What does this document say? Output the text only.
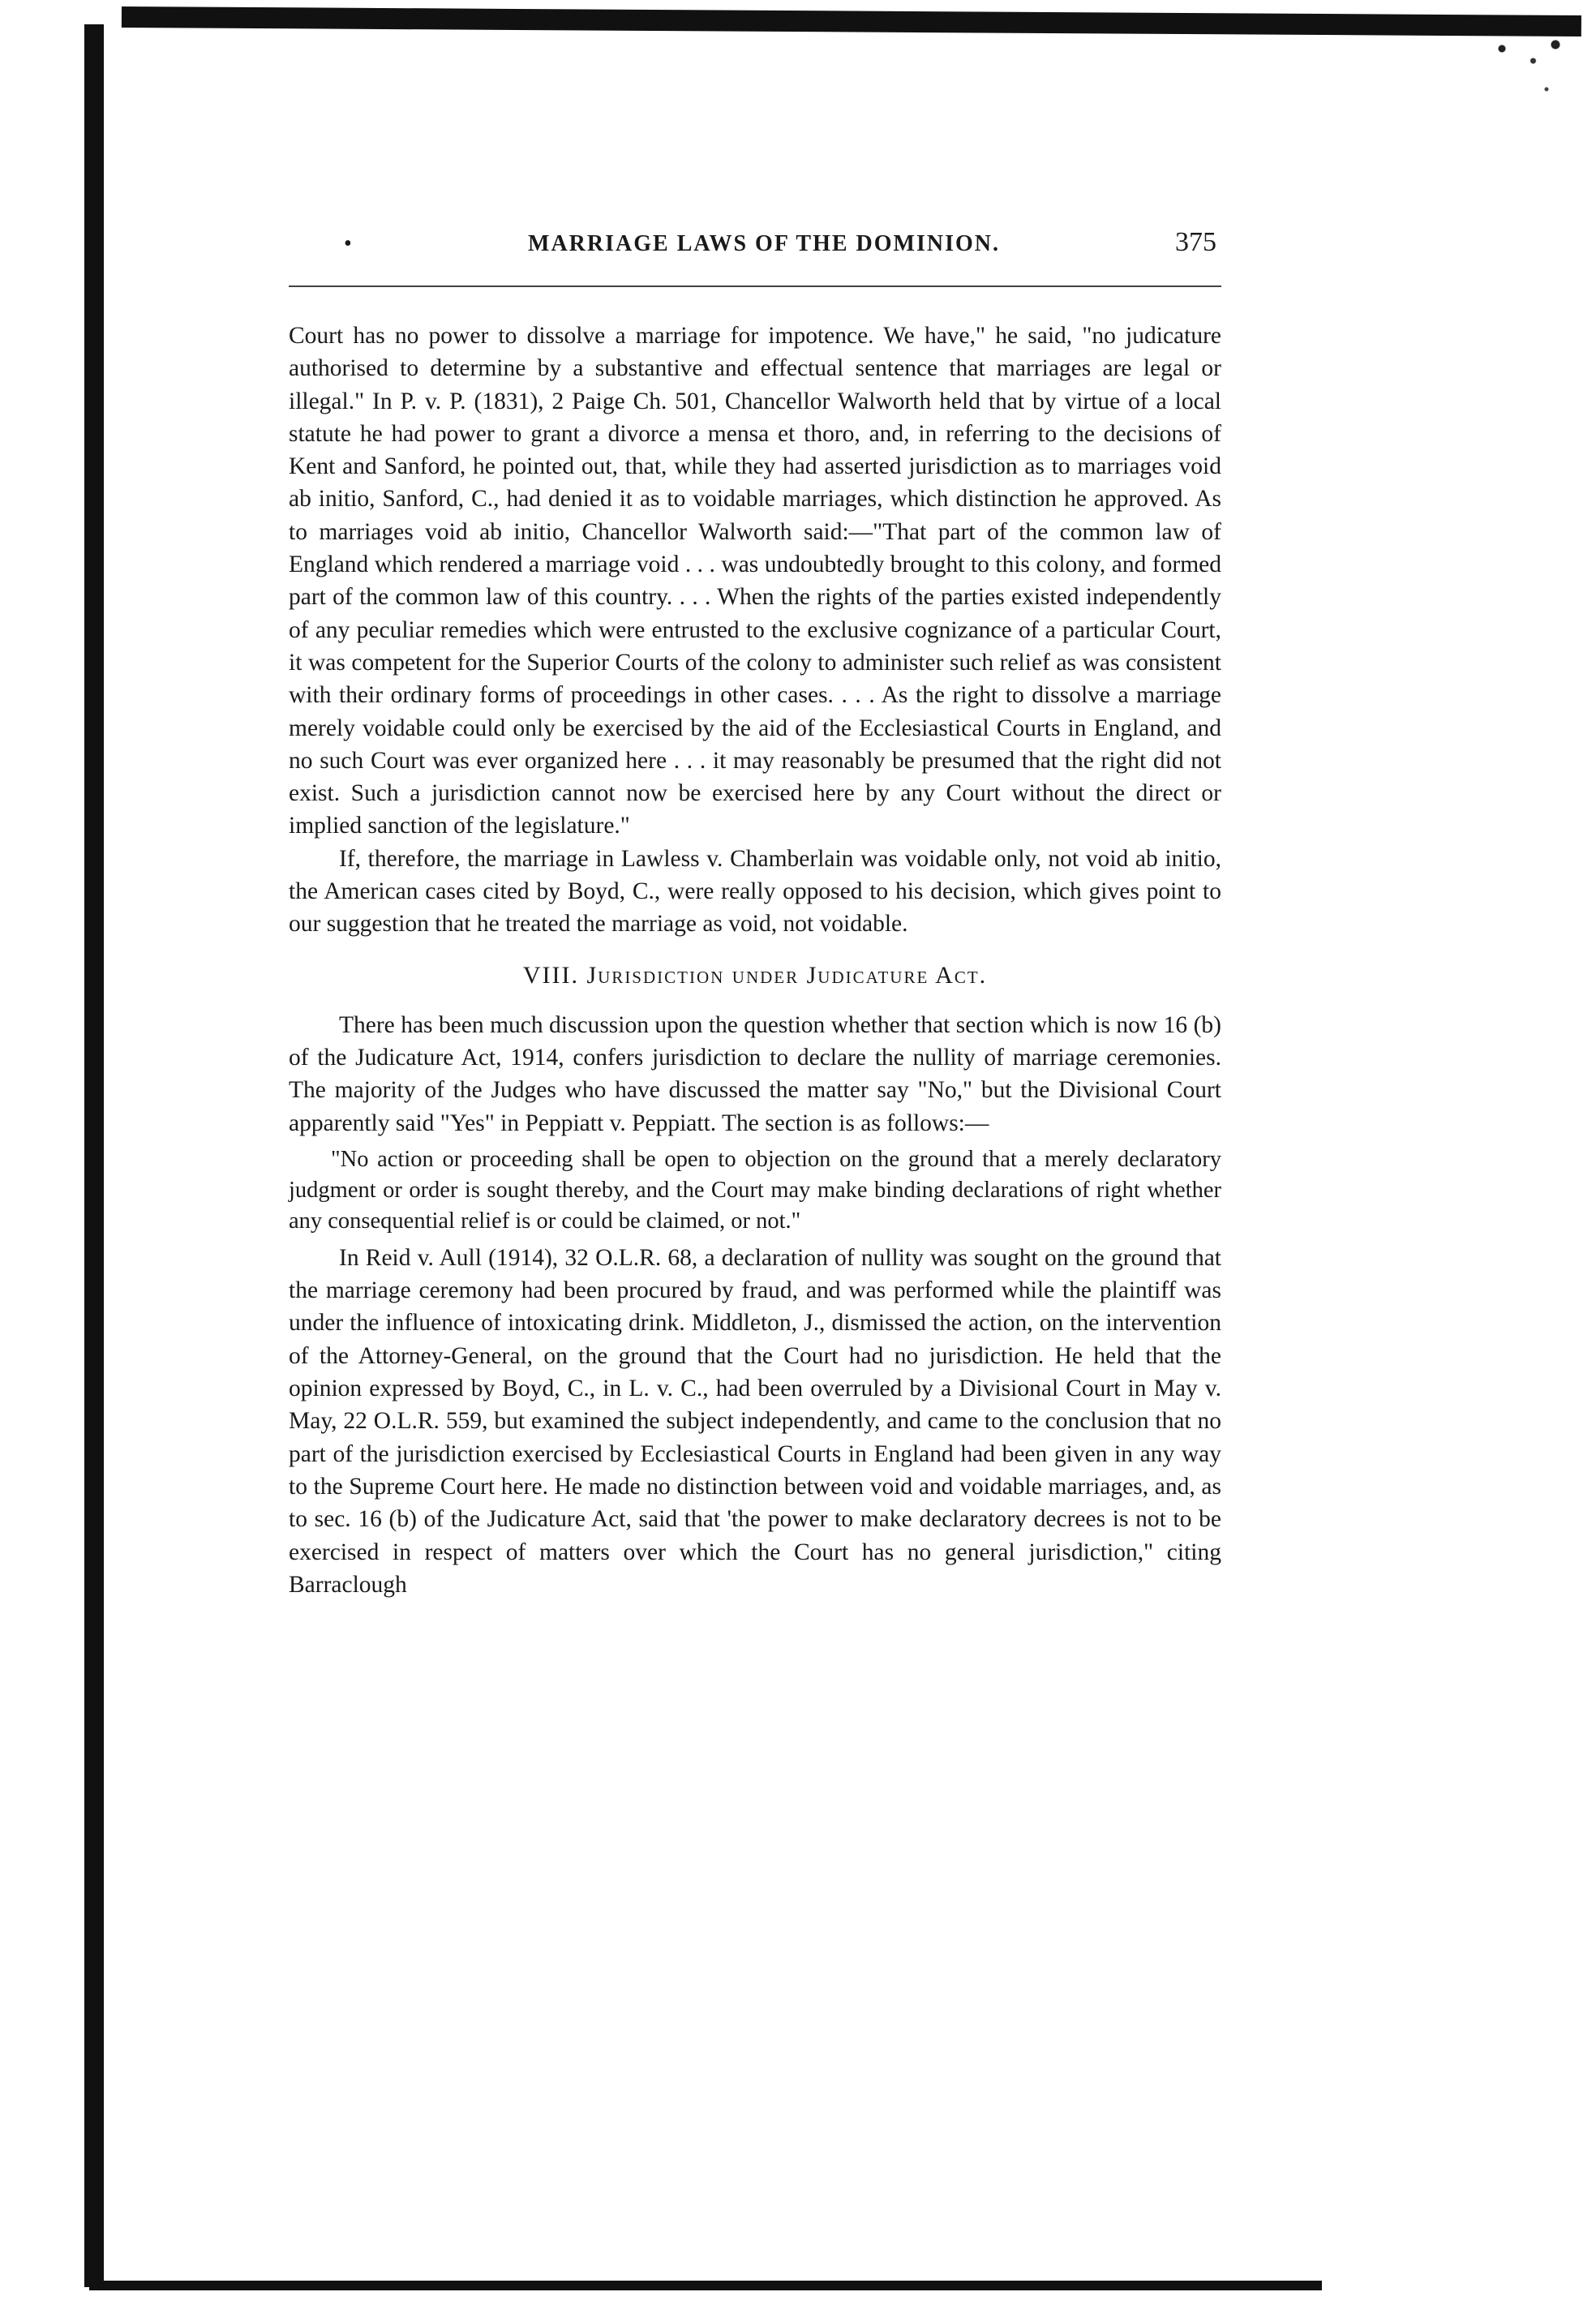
•	MARRIAGE LAWS OF THE DOMINION.	375

Court has no power to dissolve a marriage for impotence. We have," he said, "no judicature authorised to determine by a substantive and effectual sentence that marriages are legal or illegal." In P. v. P. (1831), 2 Paige Ch. 501, Chancellor Walworth held that by virtue of a local statute he had power to grant a divorce a mensa et thoro, and, in referring to the decisions of Kent and Sanford, he pointed out, that, while they had asserted jurisdiction as to marriages void ab initio, Sanford, C., had denied it as to voidable marriages, which distinction he approved. As to marriages void ab initio, Chancellor Walworth said:—"That part of the common law of England which rendered a marriage void . . . was undoubtedly brought to this colony, and formed part of the common law of this country. . . . When the rights of the parties existed independently of any peculiar remedies which were entrusted to the exclusive cognizance of a particular Court, it was competent for the Superior Courts of the colony to administer such relief as was consistent with their ordinary forms of proceedings in other cases. . . . As the right to dissolve a marriage merely voidable could only be exercised by the aid of the Ecclesiastical Courts in England, and no such Court was ever organized here . . . it may reasonably be presumed that the right did not exist. Such a jurisdiction cannot now be exercised here by any Court without the direct or implied sanction of the legislature."

If, therefore, the marriage in Lawless v. Chamberlain was voidable only, not void ab initio, the American cases cited by Boyd, C., were really opposed to his decision, which gives point to our suggestion that he treated the marriage as void, not voidable.

VIII. Jurisdiction under Judicature Act.

There has been much discussion upon the question whether that section which is now 16 (b) of the Judicature Act, 1914, confers jurisdiction to declare the nullity of marriage ceremonies. The majority of the Judges who have discussed the matter say "No," but the Divisional Court apparently said "Yes" in Peppiatt v. Peppiatt. The section is as follows:—

"No action or proceeding shall be open to objection on the ground that a merely declaratory judgment or order is sought thereby, and the Court may make binding declarations of right whether any consequential relief is or could be claimed, or not."

In Reid v. Aull (1914), 32 O.L.R. 68, a declaration of nullity was sought on the ground that the marriage ceremony had been procured by fraud, and was performed while the plaintiff was under the influence of intoxicating drink. Middleton, J., dismissed the action, on the intervention of the Attorney-General, on the ground that the Court had no jurisdiction. He held that the opinion expressed by Boyd, C., in L. v. C., had been overruled by a Divisional Court in May v. May, 22 O.L.R. 559, but examined the subject independently, and came to the conclusion that no part of the jurisdiction exercised by Ecclesiastical Courts in England had been given in any way to the Supreme Court here. He made no distinction between void and voidable marriages, and, as to sec. 16 (b) of the Judicature Act, said that 'the power to make declaratory decrees is not to be exercised in respect of matters over which the Court has no general jurisdiction," citing Barraclough
